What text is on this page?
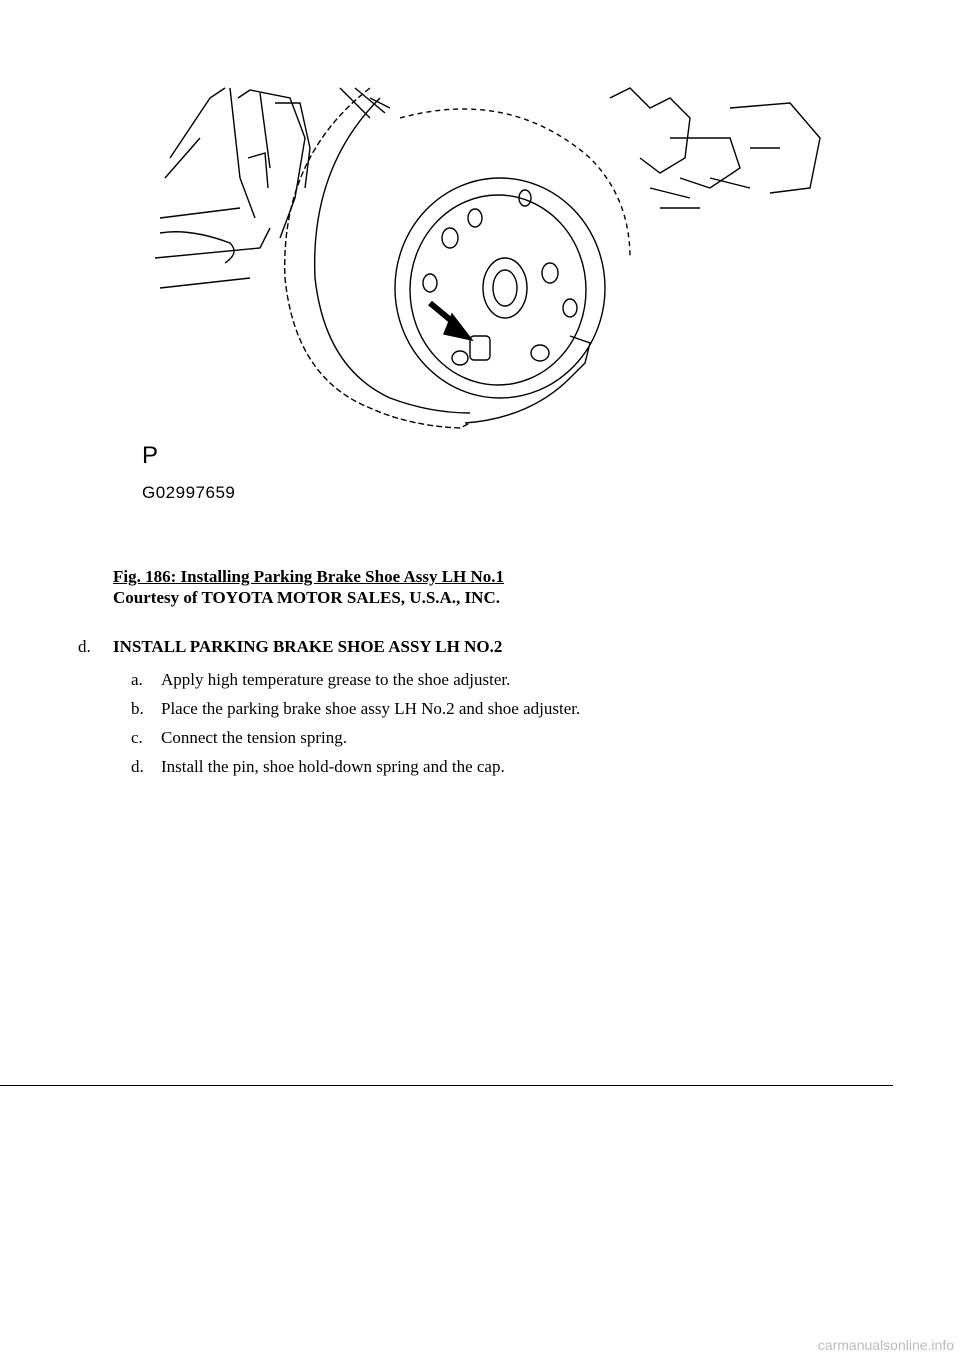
P
G02997659
Fig. 186: Installing Parking Brake Shoe Assy LH No.1
Courtesy of TOYOTA MOTOR SALES, U.S.A., INC.
d. INSTALL PARKING BRAKE SHOE ASSY LH NO.2
a. Apply high temperature grease to the shoe adjuster.
b. Place the parking brake shoe assy LH No.2 and shoe adjuster.
c. Connect the tension spring.
d. Install the pin, shoe hold-down spring and the cap.
carmanualsonline.info
